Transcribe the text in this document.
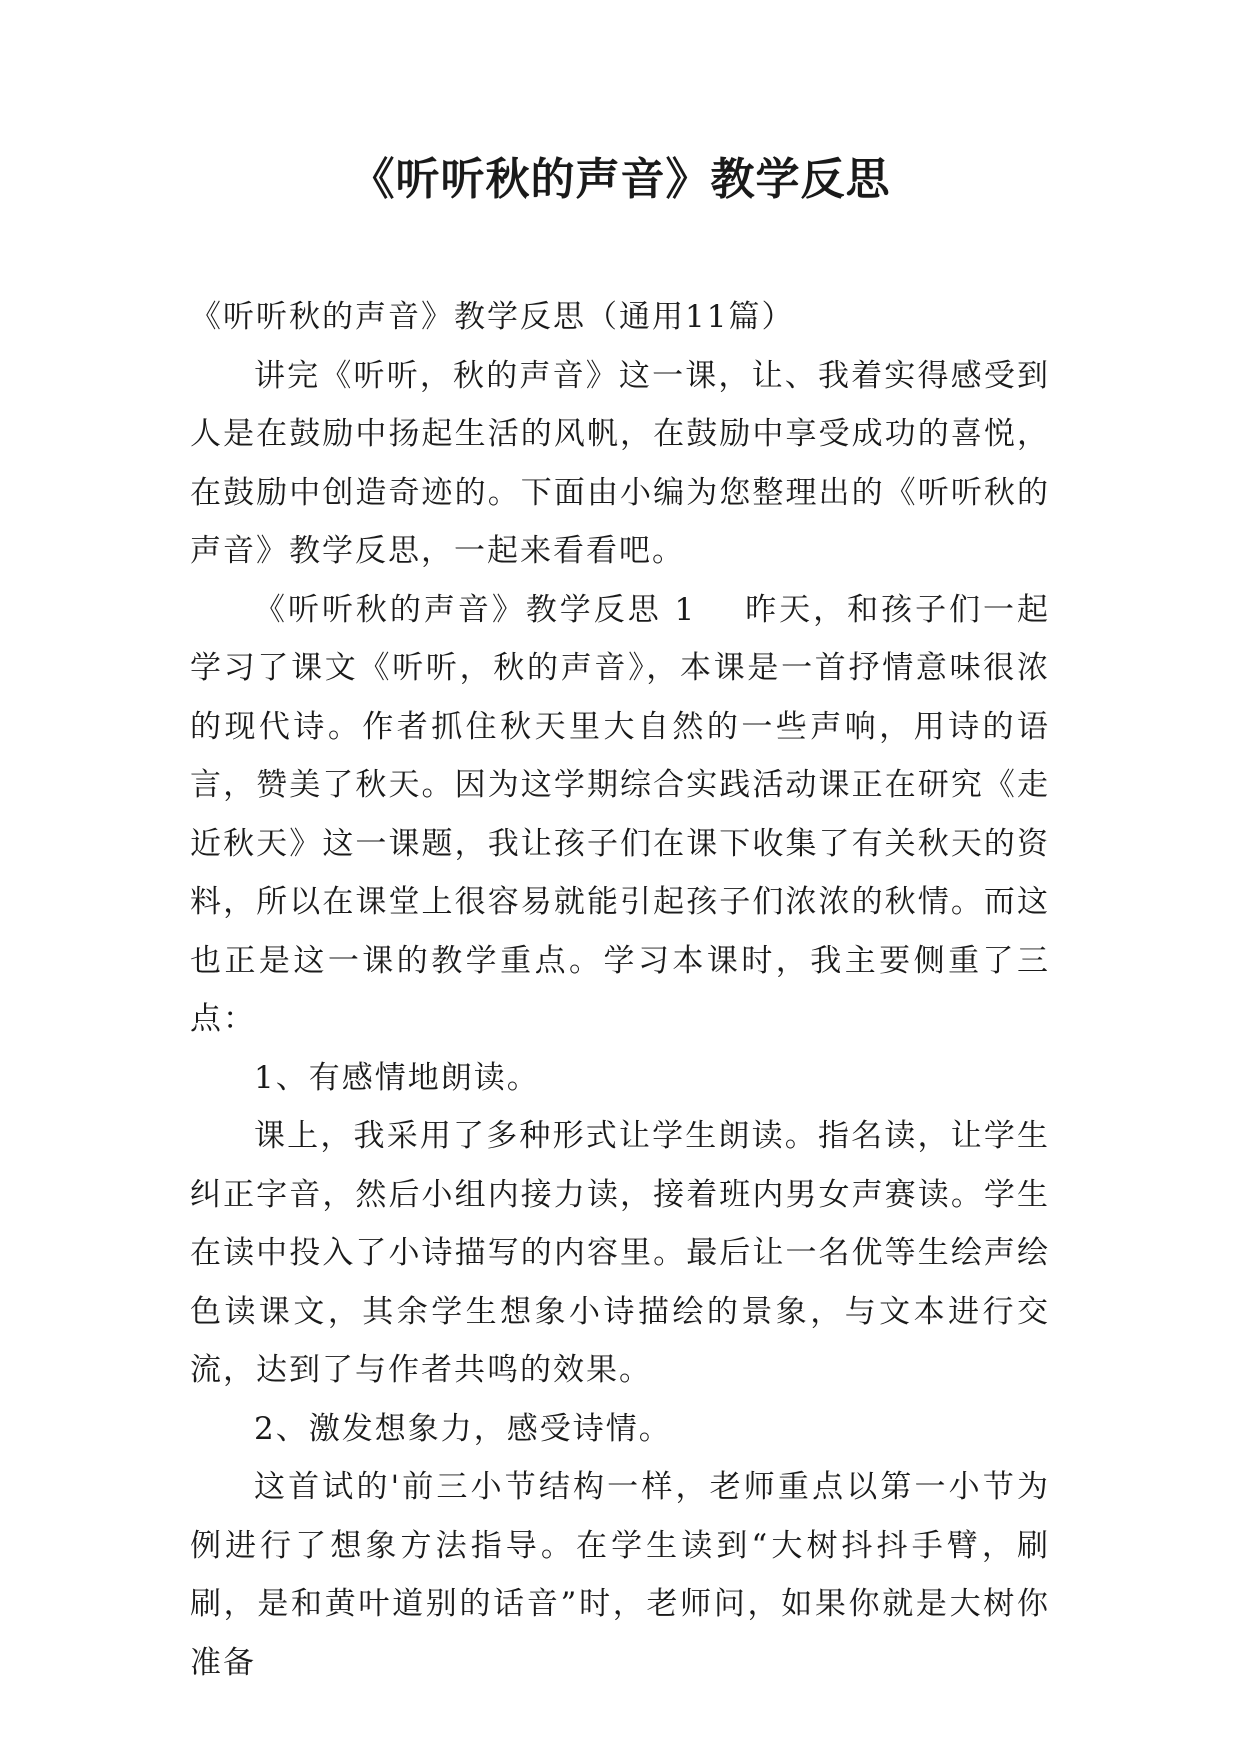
《听听秋的声音》教学反思

《听听秋的声音》教学反思（通用11篇）

讲完《听听，秋的声音》这一课，让、我着实得感受到人是在鼓励中扬起生活的风帆，在鼓励中享受成功的喜悦，在鼓励中创造奇迹的。下面由小编为您整理出的《听听秋的声音》教学反思，一起来看看吧。

《听听秋的声音》教学反思 1 昨天，和孩子们一起学习了课文《听听，秋的声音》，本课是一首抒情意味很浓的现代诗。作者抓住秋天里大自然的一些声响，用诗的语言，赞美了秋天。因为这学期综合实践活动课正在研究《走近秋天》这一课题，我让孩子们在课下收集了有关秋天的资料，所以在课堂上很容易就能引起孩子们浓浓的秋情。而这也正是这一课的教学重点。学习本课时，我主要侧重了三点：

1、有感情地朗读。

课上，我采用了多种形式让学生朗读。指名读，让学生纠正字音，然后小组内接力读，接着班内男女声赛读。学生在读中投入了小诗描写的内容里。最后让一名优等生绘声绘色读课文，其余学生想象小诗描绘的景象，与文本进行交流，达到了与作者共鸣的效果。

2、激发想象力，感受诗情。

这首试的'前三小节结构一样，老师重点以第一小节为例进行了想象方法指导。在学生读到“大树抖抖手臂，刷刷，是和黄叶道别的话音”时，老师问，如果你就是大树你准备
